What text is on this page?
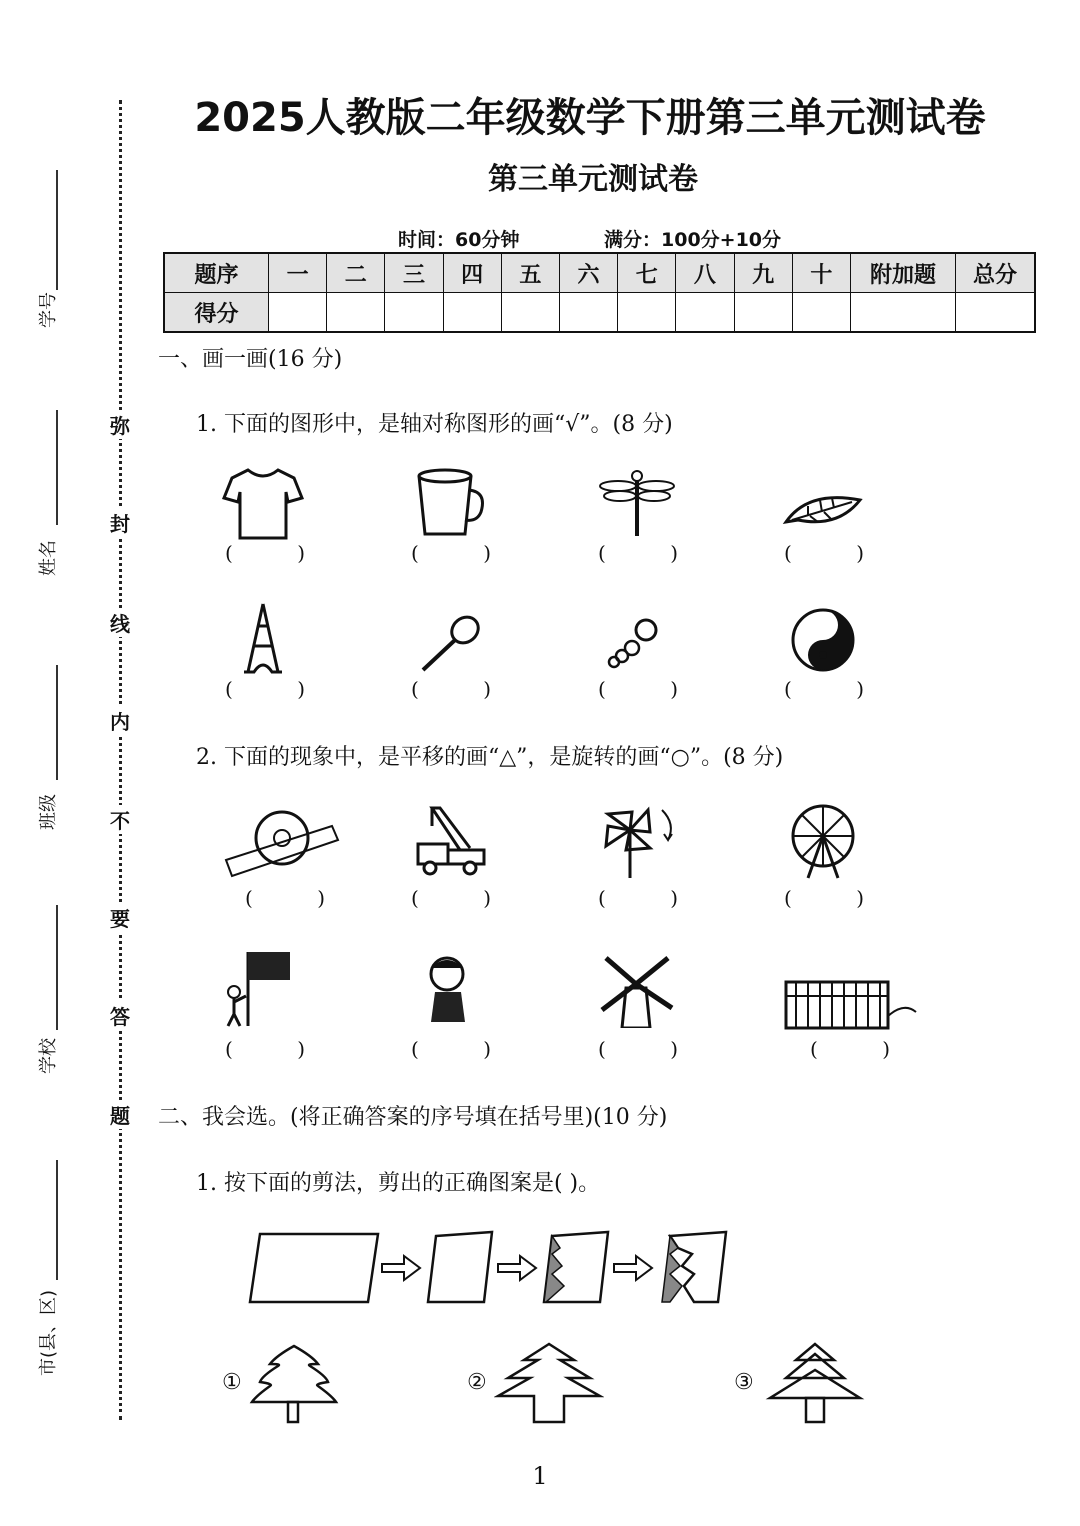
弥
封
线
内
不
要
答
题
学号
姓名
班级
学校
市(县、区)
2025人教版二年级数学下册第三单元测试卷
第三单元测试卷
时间：60分钟	满分：100分+10分
题序	一	二	三	四	五	六	七	八	九	十	附加题	总分
得分												
一、画一画(16 分)
1. 下面的图形中，是轴对称图形的画“√”。(8 分)
(	)	(	)	(	)	(	)
(	)	(	)	(	)	(	)
2. 下面的现象中，是平移的画“△”，是旋转的画“○”。(8 分)
(	)	(	)	(	)	(	)
(	)	(	)	(	)	(	)
二、我会选。(将正确答案的序号填在括号里)(10 分)
1. 按下面的剪法，剪出的正确图案是( )。
①	②	③
1
